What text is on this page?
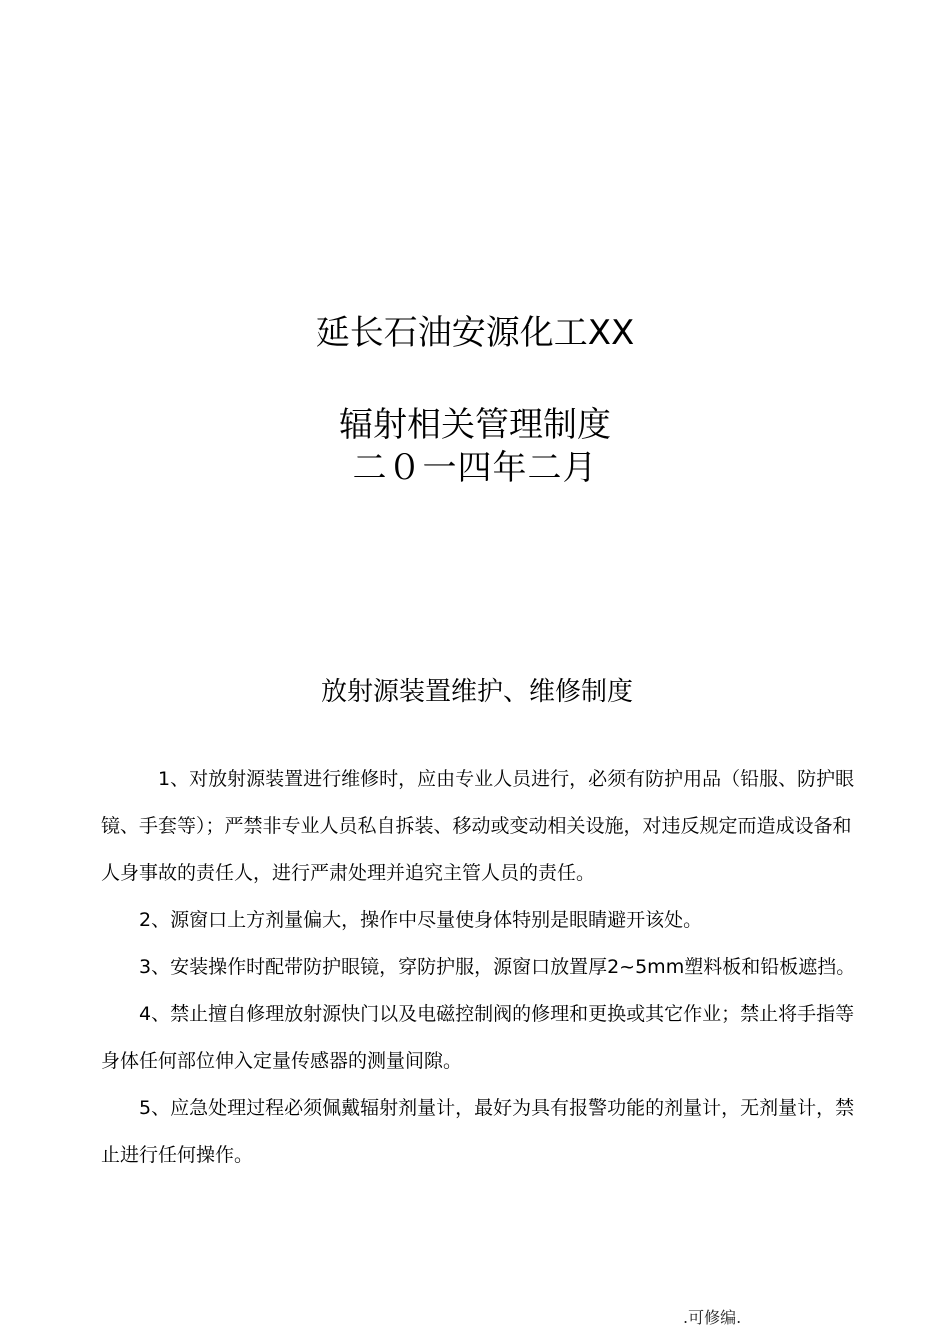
延长石油安源化工XX
辐射相关管理制度
二０一四年二月
放射源装置维护、维修制度

1、对放射源装置进行维修时，应由专业人员进行，必须有防护用品（铅服、防护眼镜、手套等）；严禁非专业人员私自拆装、移动或变动相关设施，对违反规定而造成设备和人身事故的责任人，进行严肃处理并追究主管人员的责任。

2、源窗口上方剂量偏大，操作中尽量使身体特别是眼睛避开该处。

3、安装操作时配带防护眼镜，穿防护服，源窗口放置厚2~5mm塑料板和铅板遮挡。

4、禁止擅自修理放射源快门以及电磁控制阀的修理和更换或其它作业；禁止将手指等身体任何部位伸入定量传感器的测量间隙。

5、应急处理过程必须佩戴辐射剂量计，最好为具有报警功能的剂量计，无剂量计，禁止进行任何操作。

.可修编.
